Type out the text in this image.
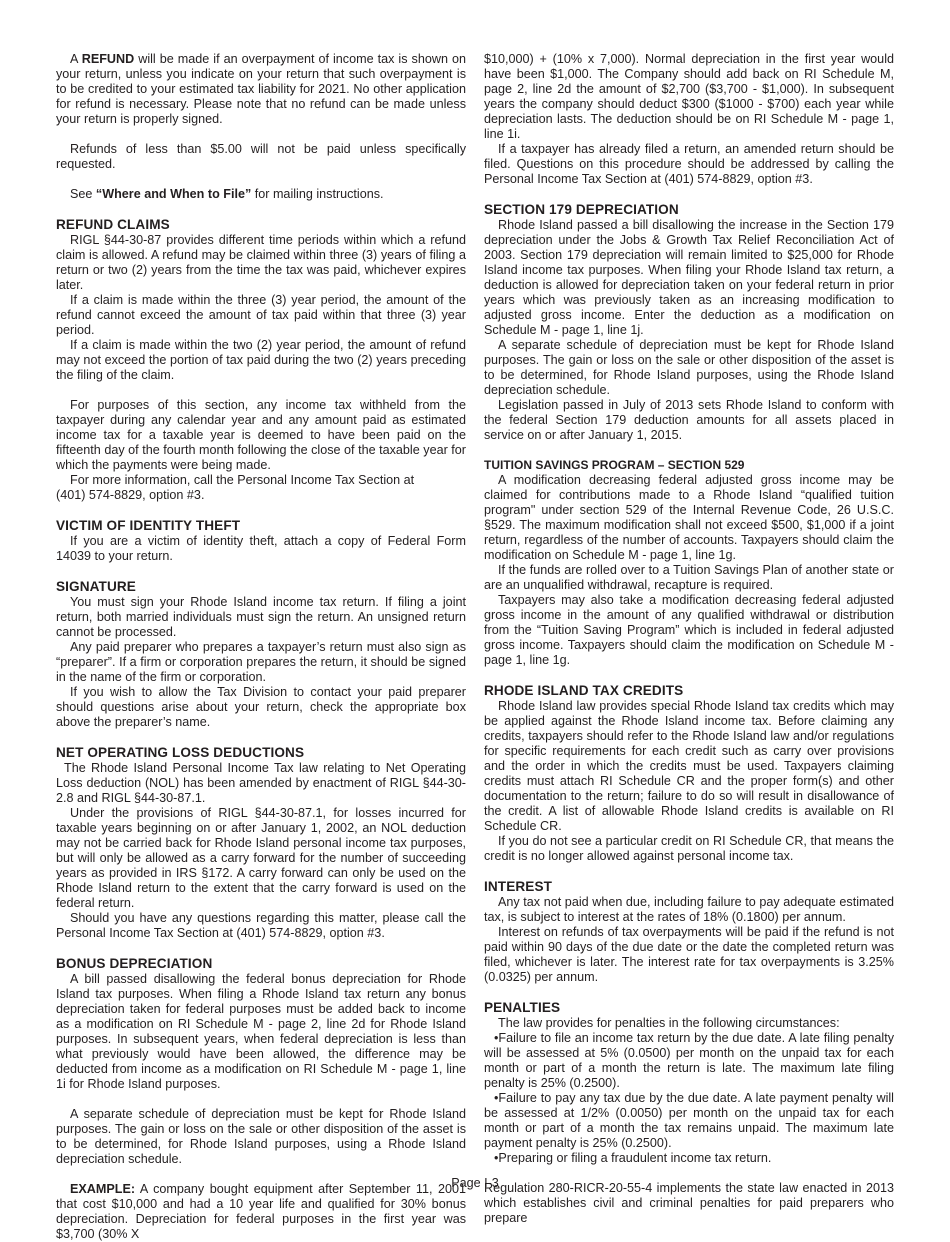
A REFUND will be made if an overpayment of income tax is shown on your return, unless you indicate on your return that such overpayment is to be credited to your estimated tax liability for 2021. No other application for refund is necessary. Please note that no refund can be made unless your return is properly signed.

Refunds of less than $5.00 will not be paid unless specifically requested.

See “Where and When to File” for mailing instructions.

REFUND CLAIMS

RIGL §44-30-87 provides different time periods within which a refund claim is allowed. A refund may be claimed within three (3) years of filing a return or two (2) years from the time the tax was paid, whichever expires later.

If a claim is made within the three (3) year period, the amount of the refund cannot exceed the amount of tax paid within that three (3) year period.

If a claim is made within the two (2) year period, the amount of refund may not exceed the portion of tax paid during the two (2) years preceding the filing of the claim.

For purposes of this section, any income tax withheld from the taxpayer during any calendar year and any amount paid as estimated income tax for a taxable year is deemed to have been paid on the fifteenth day of the fourth month following the close of the taxable year for which the payments were being made.

For more information, call the Personal Income Tax Section at

(401) 574-8829, option #3.

VICTIM OF IDENTITY THEFT

If you are a victim of identity theft, attach a copy of Federal Form 14039 to your return.

SIGNATURE

You must sign your Rhode Island income tax return. If filing a joint return, both married individuals must sign the return. An unsigned return cannot be processed.

Any paid preparer who prepares a taxpayer’s return must also sign as “preparer”. If a firm or corporation prepares the return, it should be signed in the name of the firm or corporation.

If you wish to allow the Tax Division to contact your paid preparer should questions arise about your return, check the appropriate box above the preparer’s name.

NET OPERATING LOSS DEDUCTIONS

The Rhode Island Personal Income Tax law relating to Net Operating Loss deduction (NOL) has been amended by enactment of RIGL §44-30-2.8 and RIGL §44-30-87.1.

Under the provisions of RIGL §44-30-87.1, for losses incurred for taxable years beginning on or after January 1, 2002, an NOL deduction may not be carried back for Rhode Island personal income tax purposes, but will only be allowed as a carry forward for the number of succeeding years as provided in IRS §172. A carry forward can only be used on the Rhode Island return to the extent that the carry forward is used on the federal return.

Should you have any questions regarding this matter, please call the Personal Income Tax Section at (401) 574-8829, option #3.

BONUS DEPRECIATION

A bill passed disallowing the federal bonus depreciation for Rhode Island tax purposes. When filing a Rhode Island tax return any bonus depreciation taken for federal purposes must be added back to income as a modification on RI Schedule M - page 2, line 2d for Rhode Island purposes. In subsequent years, when federal depreciation is less than what previously would have been allowed, the difference may be deducted from income as a modification on RI Schedule M - page 1, line 1i for Rhode Island purposes.

A separate schedule of depreciation must be kept for Rhode Island purposes. The gain or loss on the sale or other disposition of the asset is to be determined, for Rhode Island purposes, using a Rhode Island depreciation schedule.

EXAMPLE: A company bought equipment after September 11, 2001 that cost $10,000 and had a 10 year life and qualified for 30% bonus depreciation. Depreciation for federal purposes in the first year was $3,700 (30% X

$10,000) + (10% x 7,000). Normal depreciation in the first year would have been $1,000. The Company should add back on RI Schedule M, page 2, line 2d the amount of $2,700 ($3,700 - $1,000). In subsequent years the company should deduct $300 ($1000 - $700) each year while depreciation lasts. The deduction should be on RI Schedule M - page 1, line 1i.

If a taxpayer has already filed a return, an amended return should be filed. Questions on this procedure should be addressed by calling the Personal Income Tax Section at (401) 574-8829, option #3.

SECTION 179 DEPRECIATION

Rhode Island passed a bill disallowing the increase in the Section 179 depreciation under the Jobs & Growth Tax Relief Reconciliation Act of 2003. Section 179 depreciation will remain limited to $25,000 for Rhode Island income tax purposes. When filing your Rhode Island tax return, a deduction is allowed for depreciation taken on your federal return in prior years which was previously taken as an increasing modification to adjusted gross income. Enter the deduction as a modification on Schedule M - page 1, line 1j.

A separate schedule of depreciation must be kept for Rhode Island purposes. The gain or loss on the sale or other disposition of the asset is to be determined, for Rhode Island purposes, using the Rhode Island depreciation schedule.

Legislation passed in July of 2013 sets Rhode Island to conform with the federal Section 179 deduction amounts for all assets placed in service on or after January 1, 2015.

TUITION SAVINGS PROGRAM – SECTION 529

A modification decreasing federal adjusted gross income may be claimed for contributions made to a Rhode Island “qualified tuition program" under section 529 of the Internal Revenue Code, 26 U.S.C. §529. The maximum modification shall not exceed $500, $1,000 if a joint return, regardless of the number of accounts. Taxpayers should claim the modification on Schedule M - page 1, line 1g.

If the funds are rolled over to a Tuition Savings Plan of another state or are an unqualified withdrawal, recapture is required.

Taxpayers may also take a modification decreasing federal adjusted gross income in the amount of any qualified withdrawal or distribution from the “Tuition Saving Program” which is included in federal adjusted gross income. Taxpayers should claim the modification on Schedule M - page 1, line 1g.

RHODE ISLAND TAX CREDITS

Rhode Island law provides special Rhode Island tax credits which may be applied against the Rhode Island income tax. Before claiming any credits, taxpayers should refer to the Rhode Island law and/or regulations for specific requirements for each credit such as carry over provisions and the order in which the credits must be used. Taxpayers claiming credits must attach RI Schedule CR and the proper form(s) and other documentation to the return; failure to do so will result in disallowance of the credit. A list of allowable Rhode Island credits is available on RI Schedule CR.

If you do not see a particular credit on RI Schedule CR, that means the credit is no longer allowed against personal income tax.

INTEREST

Any tax not paid when due, including failure to pay adequate estimated tax, is subject to interest at the rates of 18% (0.1800) per annum.

Interest on refunds of tax overpayments will be paid if the refund is not paid within 90 days of the due date or the date the completed return was filed, whichever is later. The interest rate for tax overpayments is 3.25% (0.0325) per annum.

PENALTIES

The law provides for penalties in the following circumstances:

•Failure to file an income tax return by the due date. A late filing penalty will be assessed at 5% (0.0500) per month on the unpaid tax for each month or part of a month the return is late. The maximum late filing penalty is 25% (0.2500).

•Failure to pay any tax due by the due date. A late payment penalty will be assessed at 1/2% (0.0050) per month on the unpaid tax for each month or part of a month the tax remains unpaid. The maximum late payment penalty is 25% (0.2500).

•Preparing or filing a fraudulent income tax return.

Regulation 280-RICR-20-55-4 implements the state law enacted in 2013 which establishes civil and criminal penalties for paid preparers who prepare

Page I-3
